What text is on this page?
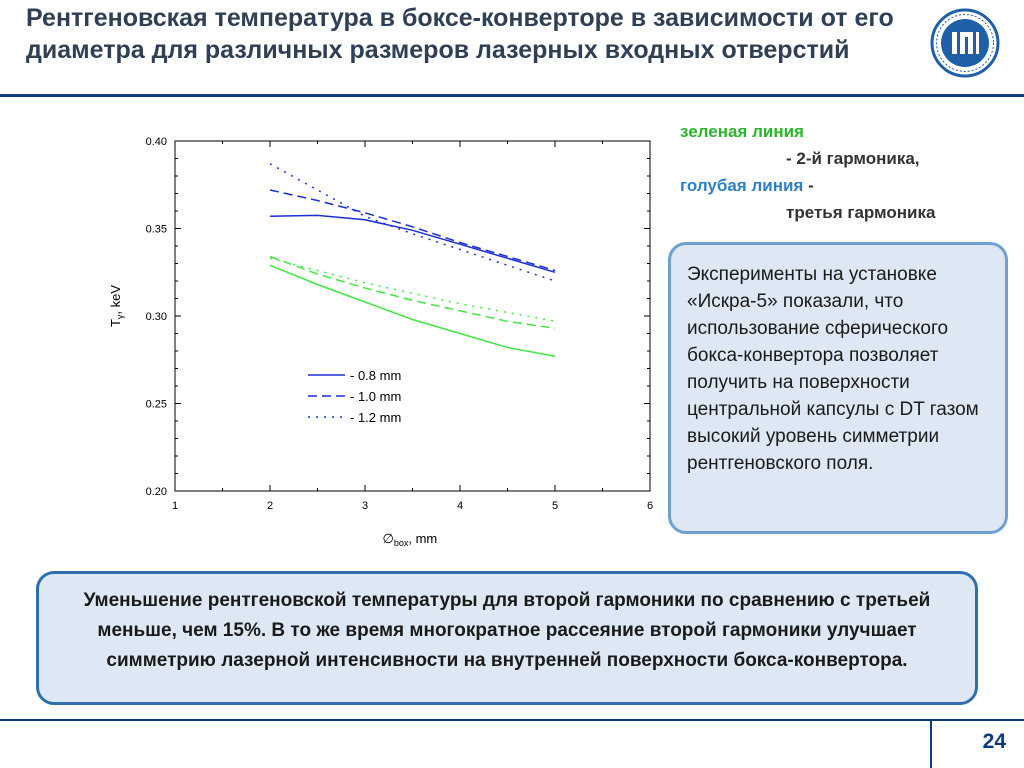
Рентгеновская температура в боксе-конверторе в зависимости от его диаметра для различных размеров лазерных входных отверстий
1	2	3	4	5	6
0.20
0.25
0.30
0.35
0.40
$\emptyset_{box}$, mm
$T_\gamma$, keV
- 0.8 mm
- 1.0 mm
- 1.2 mm
зеленая линия
- 2-й гармоника,
голубая линия -
третья гармоника
Эксперименты на установке «Искра-5» показали, что использование сферического бокса-конвертора позволяет получить на поверхности центральной капсулы с DT газом высокий уровень симметрии рентгеновского поля.
Уменьшение рентгеновской температуры для второй гармоники по сравнению с третьей меньше, чем 15%. В то же время многократное рассеяние второй гармоники улучшает симметрию лазерной интенсивности на внутренней поверхности бокса-конвертора.
24
